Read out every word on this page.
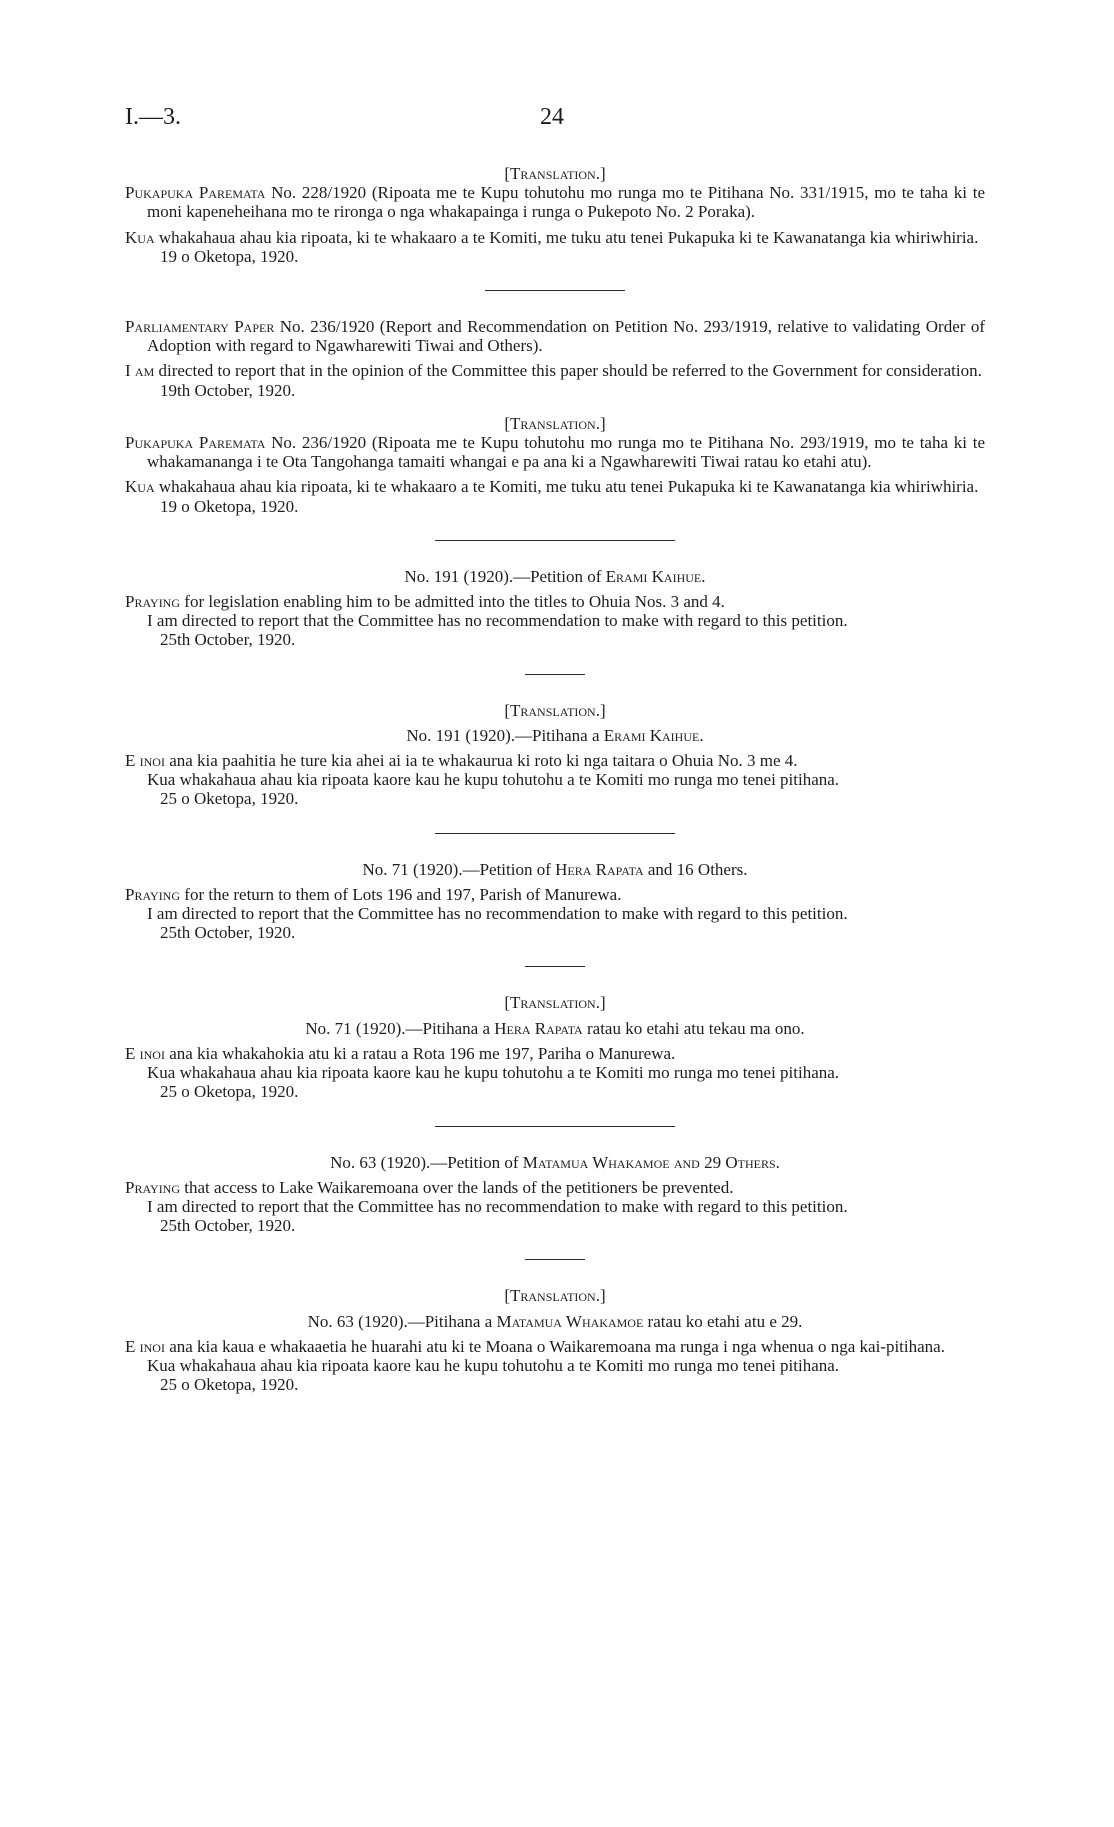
I.—3.	24
[Translation.]
Pukapuka Paremata No. 228/1920 (Ripoata me te Kupu tohutohu mo runga mo te Pitihana No. 331/1915, mo te taha ki te moni kapeneheihana mo te rironga o nga whakapainga i runga o Pukepoto No. 2 Poraka).
Kua whakahaua ahau kia ripoata, ki te whakaaro a te Komiti, me tuku atu tenei Pukapuka ki te Kawanatanga kia whiriwhiria.
19 o Oketopa, 1920.
Parliamentary Paper No. 236/1920 (Report and Recommendation on Petition No. 293/1919, relative to validating Order of Adoption with regard to Ngawharewiti Tiwai and Others).
I am directed to report that in the opinion of the Committee this paper should be referred to the Government for consideration.
19th October, 1920.
[Translation.]
Pukapuka Paremata No. 236/1920 (Ripoata me te Kupu tohutohu mo runga mo te Pitihana No. 293/1919, mo te taha ki te whakamananga i te Ota Tangohanga tamaiti whangai e pa ana ki a Ngawharewiti Tiwai ratau ko etahi atu).
Kua whakahaua ahau kia ripoata, ki te whakaaro a te Komiti, me tuku atu tenei Pukapuka ki te Kawanatanga kia whiriwhiria.
19 o Oketopa, 1920.
No. 191 (1920).—Petition of Erami Kaihue.
Praying for legislation enabling him to be admitted into the titles to Ohuia Nos. 3 and 4.
I am directed to report that the Committee has no recommendation to make with regard to this petition.
25th October, 1920.
[Translation.]
No. 191 (1920).—Pitihana a Erami Kaihue.
E inoi ana kia paahitia he ture kia ahei ai ia te whakaurua ki roto ki nga taitara o Ohuia No. 3 me 4.
Kua whakahaua ahau kia ripoata kaore kau he kupu tohutohu a te Komiti mo runga mo tenei pitihana.
25 o Oketopa, 1920.
No. 71 (1920).—Petition of Hera Rapata and 16 Others.
Praying for the return to them of Lots 196 and 197, Parish of Manurewa.
I am directed to report that the Committee has no recommendation to make with regard to this petition.
25th October, 1920.
[Translation.]
No. 71 (1920).—Pitihana a Hera Rapata ratau ko etahi atu tekau ma ono.
E inoi ana kia whakahokia atu ki a ratau a Rota 196 me 197, Pariha o Manurewa.
Kua whakahaua ahau kia ripoata kaore kau he kupu tohutohu a te Komiti mo runga mo tenei pitihana.
25 o Oketopa, 1920.
No. 63 (1920).—Petition of Matamua Whakamoe and 29 Others.
Praying that access to Lake Waikaremoana over the lands of the petitioners be prevented.
I am directed to report that the Committee has no recommendation to make with regard to this petition.
25th October, 1920.
[Translation.]
No. 63 (1920).—Pitihana a Matamua Whakamoe ratau ko etahi atu e 29.
E inoi ana kia kaua e whakaaetia he huarahi atu ki te Moana o Waikaremoana ma runga i nga whenua o nga kai-pitihana.
Kua whakahaua ahau kia ripoata kaore kau he kupu tohutohu a te Komiti mo runga mo tenei pitihana.
25 o Oketopa, 1920.
